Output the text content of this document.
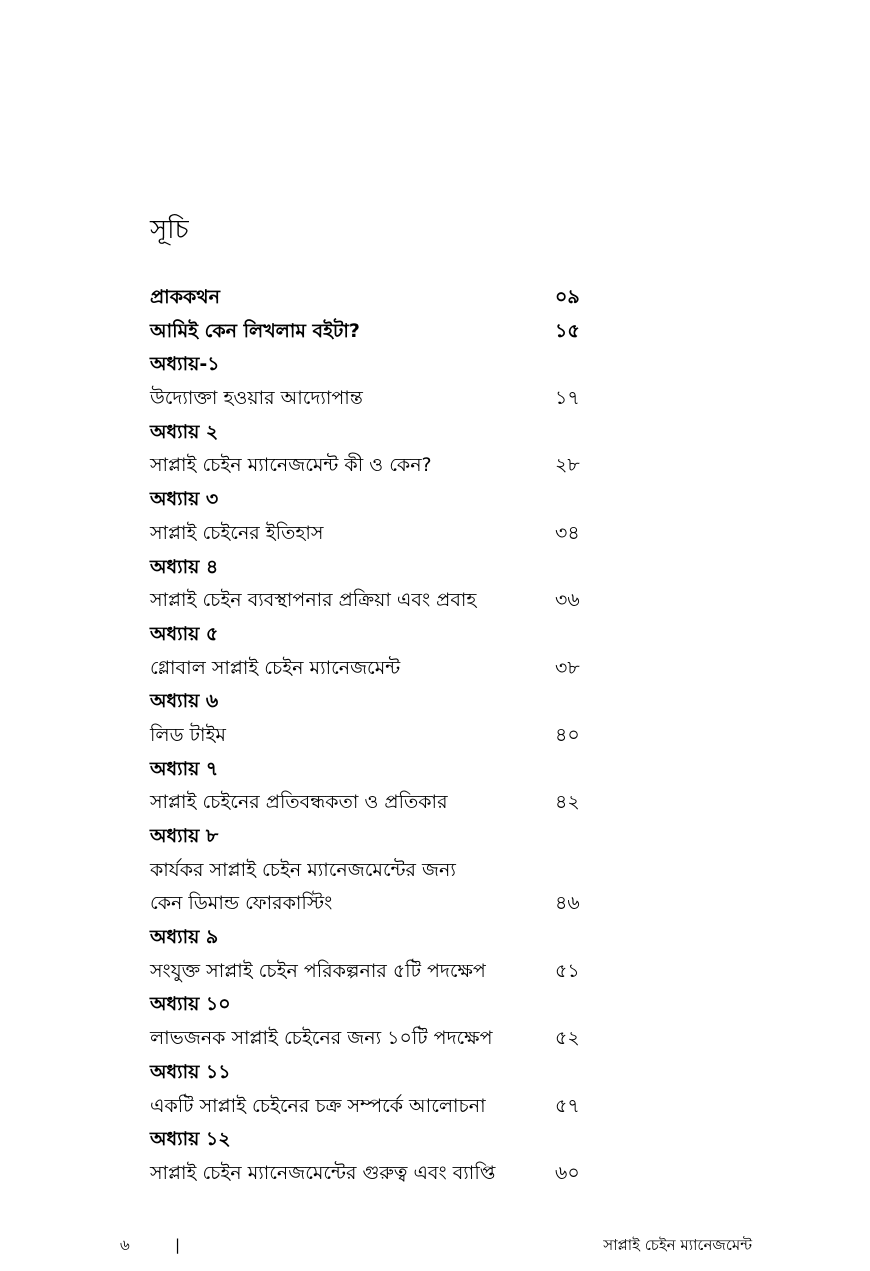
সূচি
প্রাককথন	০৯
আমিই কেন লিখলাম বইটা?	১৫
অধ্যায়-১
উদ্যোক্তা হওয়ার আদ্যোপান্ত	১৭
অধ্যায় ২
সাপ্লাই চেইন ম্যানেজমেন্ট কী ও কেন?	২৮
অধ্যায় ৩
সাপ্লাই চেইনের ইতিহাস	৩৪
অধ্যায় ৪
সাপ্লাই চেইন ব্যবস্থাপনার প্রক্রিয়া এবং প্রবাহ	৩৬
অধ্যায় ৫
গ্লোবাল সাপ্লাই চেইন ম্যানেজমেন্ট	৩৮
অধ্যায় ৬
লিড টাইম	৪০
অধ্যায় ৭
সাপ্লাই চেইনের প্রতিবন্ধকতা ও প্রতিকার	৪২
অধ্যায় ৮
কার্যকর সাপ্লাই চেইন ম্যানেজমেন্টের জন্য
কেন ডিমান্ড ফোরকাস্টিং	৪৬
অধ্যায় ৯
সংযুক্ত সাপ্লাই চেইন পরিকল্পনার ৫টি পদক্ষেপ	৫১
অধ্যায় ১০
লাভজনক সাপ্লাই চেইনের জন্য ১০টি পদক্ষেপ	৫২
অধ্যায় ১১
একটি সাপ্লাই চেইনের চক্র সম্পর্কে আলোচনা	৫৭
অধ্যায় ১২
সাপ্লাই চেইন ম্যানেজমেন্টের গুরুত্ব এবং ব্যাপ্তি	৬০
৬	|	সাপ্লাই চেইন ম্যানেজমেন্ট
